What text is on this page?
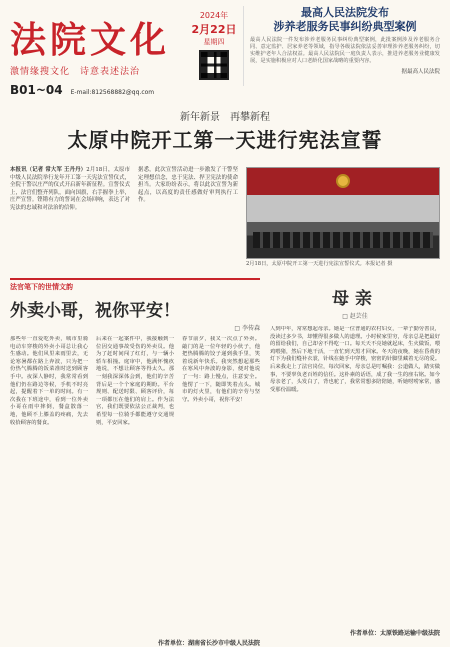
法院文化
激情缘搜文化　诗意表述法治
B01~04 E-mail:812568882@qq.com
2024年
2月22日
星期四
最高人民法院发布
涉养老服务民事纠纷典型案例
最高人民法院一件发布涉养老服务民事纠纷典型案例，此批案例涉及养老服务合同、意定监护、居家养老等领域，指导各级法院依法妥善审理涉养老服务纠纷，切实维护老年人合法权益。最高人民法院民一庭负责人表示，推进养老服务业健康发展，是实施积极应对人口老龄化国家战略的重要内容。
据最高人民法院
新年新景　再攀新程
太原中院开工第一天进行宪法宣誓
本报讯（记者 常大军 王丹丹）2月18日，太原市中级人民法院举行龙年开工第一天宪法宣誓仪式，全院干警以庄严的仪式开启新年新征程。宣誓仪式上，法官们整齐列队，面向国旗，右手握拳上举，庄严宣誓。铿锵有力的誓词在会场回响，表达了对宪法的忠诚和对法治的信仰。
据悉，此次宣誓活动进一步激发了干警坚定理想信念，忠于宪法、捍卫宪法的使命担当。大家纷纷表示，将以此次宣誓为新起点，以高度的责任感做好审判执行工作。
2月18日，太原中院开工第一天进行宪法宣誓仪式。本报记者 摄
法官笔下的世情文韵
外卖小哥，祝你平安！
□ 李传森
那些年一直爱吃外卖，城市里骑电动车穿梭的外卖小哥总让我心生感动。他们风里来雨里去，无论寒暑都在路上奔波，只为把一份热气腾腾的饭菜准时送到顾客手中。夜深人静时，我常常看到他们仍在路边等候，手机不时亮起，提醒着下一单的时间。有一次我在下班途中，看到一位外卖小哥在雨中摔倒，餐盒散落一地，他顾不上膝盖的疼痛，先去收拾顾客的餐食。
后来在一起案件中，我接触到一位因交通事故受伤的外卖员。他为了赶时间闯了红灯，与一辆小轿车相撞。庭审中，他满怀愧疚地说，不想让顾客等得太久。那一刻我深深体会到，他们的辛苦背后是一个个家庭的期盼。平台规则、配送时限、顾客评价，每一项都压在他们的肩上。作为法官，我们既要依法公正裁判，也希望每一位骑手都能遵守交通规则，平安回家。
春节前夕，我又一次点了外卖。敲门的是一位年轻的小伙子，他把热腾腾的饺子递到我手里，笑着说新年快乐。我突然想起那些在寒风中奔波的身影，便对他说了一句：路上慢点，注意安全。他愣了一下，随即笑着点头。城市的灯火里，有他们的辛劳与坚守。外卖小哥，祝你平安！
作者单位：湖南省长沙市中级人民法院
母亲
□ 赵芸佳
人到中年，常常想起母亲。她是一位普通的农村妇女，一辈子勤劳善良，没读过多少书，却懂得很多做人的道理。小时候家里穷，母亲总是把最好的留给我们，自己却舍不得吃一口。每天天不亮她就起床，生火做饭，喂鸡喂猪，然后下地干活，一直忙到天黑才回家。冬天的夜晚，她在昏黄的灯下为我们缝补衣裳，针线在她手中穿梭，密密的针脚里藏着无尽的爱。后来我走上了法官岗位，每次回家，母亲总是叮嘱我：公道做人，踏实做事，不要辜负老百姓的信任。这朴素的话语，成了我一生的座右铭。如今母亲老了，头发白了，背也驼了，我常常想多陪陪她，听她唠唠家常，感受那份温暖。
作者单位：太原铁路运输中级法院
